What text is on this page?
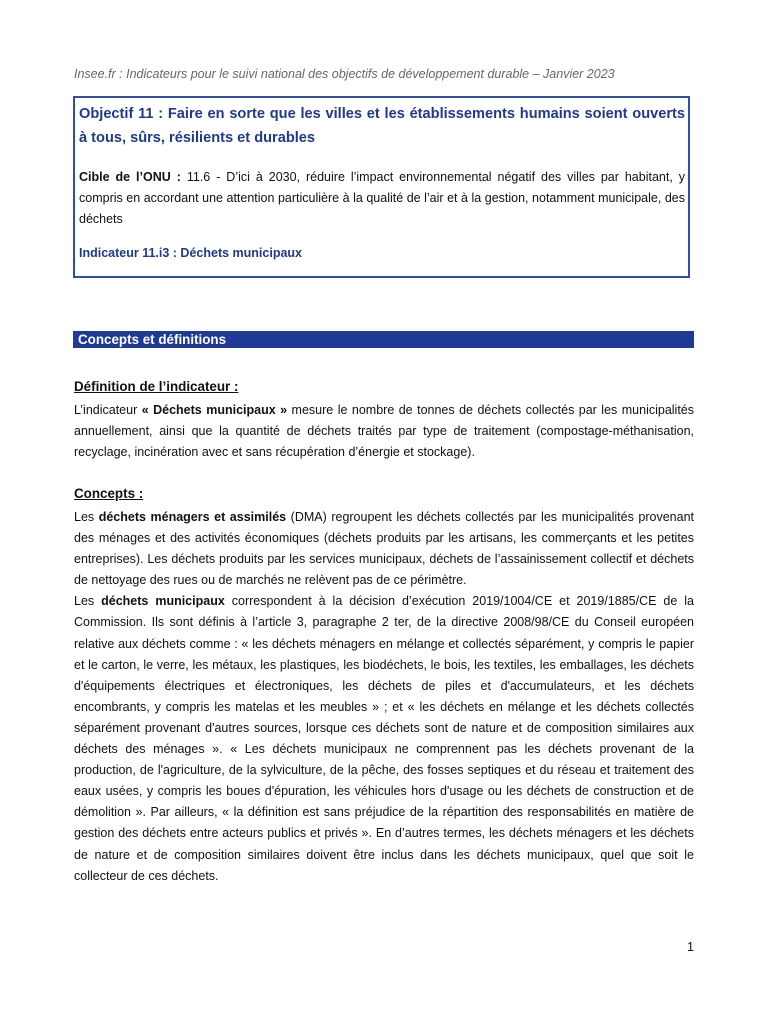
Insee.fr : Indicateurs pour le suivi national des objectifs de développement durable – Janvier 2023

Objectif 11 : Faire en sorte que les villes et les établissements humains soient ouverts à tous, sûrs, résilients et durables

Cible de l’ONU : 11.6 - D’ici à 2030, réduire l’impact environnemental négatif des villes par habitant, y compris en accordant une attention particulière à la qualité de l’air et à la gestion, notamment municipale, des déchets

Indicateur 11.i3 : Déchets municipaux

Concepts et définitions
Définition de l’indicateur :

L’indicateur « Déchets municipaux » mesure le nombre de tonnes de déchets collectés par les municipalités annuellement, ainsi que la quantité de déchets traités par type de traitement (compostage-méthanisation, recyclage, incinération avec et sans récupération d’énergie et stockage).

Concepts :

Les déchets ménagers et assimilés (DMA) regroupent les déchets collectés par les municipalités provenant des ménages et des activités économiques (déchets produits par les artisans, les commerçants et les petites entreprises). Les déchets produits par les services municipaux, déchets de l’assainissement collectif et déchets de nettoyage des rues ou de marchés ne relèvent pas de ce périmètre.

Les déchets municipaux correspondent à la décision d’exécution 2019/1004/CE et 2019/1885/CE de la Commission. Ils sont définis à l’article 3, paragraphe 2 ter, de la directive 2008/98/CE du Conseil européen relative aux déchets comme : « les déchets ménagers en mélange et collectés séparément, y compris le papier et le carton, le verre, les métaux, les plastiques, les biodéchets, le bois, les textiles, les emballages, les déchets d'équipements électriques et électroniques, les déchets de piles et d'accumulateurs, et les déchets encombrants, y compris les matelas et les meubles » ; et « les déchets en mélange et les déchets collectés séparément provenant d'autres sources, lorsque ces déchets sont de nature et de composition similaires aux déchets des ménages ». « Les déchets municipaux ne comprennent pas les déchets provenant de la production, de l'agriculture, de la sylviculture, de la pêche, des fosses septiques et du réseau et traitement des eaux usées, y compris les boues d'épuration, les véhicules hors d'usage ou les déchets de construction et de démolition ». Par ailleurs, « la définition est sans préjudice de la répartition des responsabilités en matière de gestion des déchets entre acteurs publics et privés ». En d’autres termes, les déchets ménagers et les déchets de nature et de composition similaires doivent être inclus dans les déchets municipaux, quel que soit le collecteur de ces déchets.

1
